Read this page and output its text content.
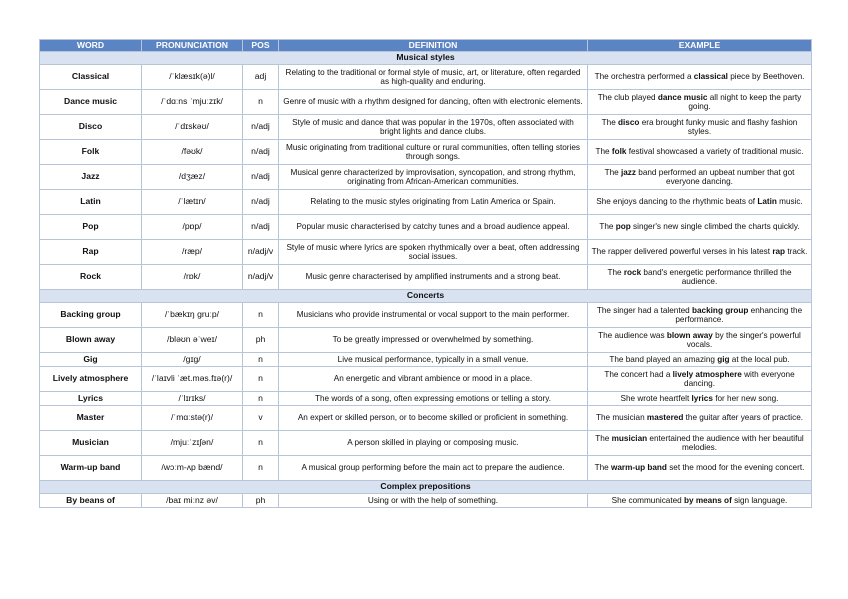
WORD	PRONUNCIATION	POS	DEFINITION	EXAMPLE
Musical styles				
Classical	/ˈklæsɪk(ə)l/	adj	Relating to the traditional or formal style of music, art, or literature, often regarded as high-quality and enduring.	The orchestra performed a classical piece by Beethoven.
Dance music	/ˈdɑːns ˈmjuːzɪk/	n	Genre of music with a rhythm designed for dancing, often with electronic elements.	The club played dance music all night to keep the party going.
Disco	/ˈdɪskəʊ/	n/adj	Style of music and dance that was popular in the 1970s, often associated with bright lights and dance clubs.	The disco era brought funky music and flashy fashion styles.
Folk	/fəʊk/	n/adj	Music originating from traditional culture or rural communities, often telling stories through songs.	The folk festival showcased a variety of traditional music.
Jazz	/dʒæz/	n/adj	Musical genre characterized by improvisation, syncopation, and strong rhythm, originating from African-American communities.	The jazz band performed an upbeat number that got everyone dancing.
Latin	/ˈlætɪn/	n/adj	Relating to the music styles originating from Latin America or Spain.	She enjoys dancing to the rhythmic beats of Latin music.
Pop	/pɒp/	n/adj	Popular music characterised by catchy tunes and a broad audience appeal.	The pop singer's new single climbed the charts quickly.
Rap	/ræp/	n/adj/v	Style of music where lyrics are spoken rhythmically over a beat, often addressing social issues.	The rapper delivered powerful verses in his latest rap track.
Rock	/rɒk/	n/adj/v	Music genre characterised by amplified instruments and a strong beat.	The rock band's energetic performance thrilled the audience.
Concerts				
Backing group	/ˈbækɪŋ ɡruːp/	n	Musicians who provide instrumental or vocal support to the main performer.	The singer had a talented backing group enhancing the performance.
Blown away	/bləʊn əˈweɪ/	ph	To be greatly impressed or overwhelmed by something.	The audience was blown away by the singer's powerful vocals.
Gig	/ɡɪɡ/	n	Live musical performance, typically in a small venue.	The band played an amazing gig at the local pub.
Lively atmosphere	/ˈlaɪvli ˈæt.məs.fɪə(r)/	n	An energetic and vibrant ambience or mood in a place.	The concert had a lively atmosphere with everyone dancing.
Lyrics	/ˈlɪrɪks/	n	The words of a song, often expressing emotions or telling a story.	She wrote heartfelt lyrics for her new song.
Master	/ˈmɑːstə(r)/	v	An expert or skilled person, or to become skilled or proficient in something.	The musician mastered the guitar after years of practice.
Musician	/mjuːˈzɪʃən/	n	A person skilled in playing or composing music.	The musician entertained the audience with her beautiful melodies.
Warm-up band	/wɔːm-ʌp bænd/	n	A musical group performing before the main act to prepare the audience.	The warm-up band set the mood for the evening concert.
Complex prepositions				
By beans of	/baɪ miːnz əv/	ph	Using or with the help of something.	She communicated by means of sign language.
